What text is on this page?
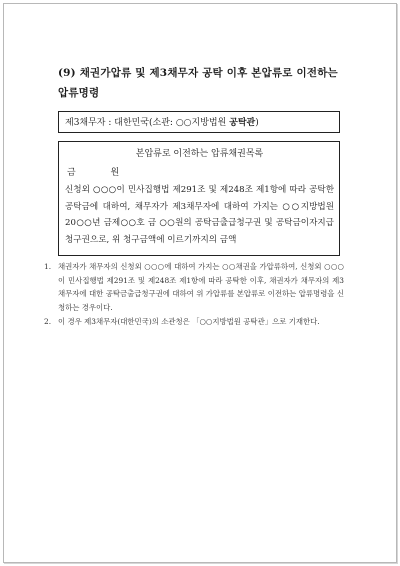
(9) 채권가압류 및 제3채무자 공탁 이후 본압류로 이전하는
압류명령
제3채무자 : 대한민국(소관: ○○지방법원 공탁관)
본압류로 이전하는 압류채권목록
금 원
신청외 ○○○이 민사집행법 제291조 및 제248조 제1항에 따라 공탁한 공탁금에 대하여, 채무자가 제3채무자에 대하여 가지는 ○○지방법원 20○○년 금제○○호 금 ○○원의 공탁금출급청구권 및 공탁금이자지급청구권으로, 위 청구금액에 이르기까지의 금액
1. 채권자가 채무자의 신청외 ○○○에 대하여 가지는 ○○채권을 가압류하여, 신청외 ○○○이 민사집행법 제291조 및 제248조 제1항에 따라 공탁한 이후, 채권자가 채무자의 제3채무자에 대한 공탁금출급청구권에 대하여 위 가압류를 본압류로 이전하는 압류명령을 신청하는 경우이다.
2. 이 경우 제3채무자(대한민국)의 소관청은 「○○지방법원 공탁관」으로 기재한다.
